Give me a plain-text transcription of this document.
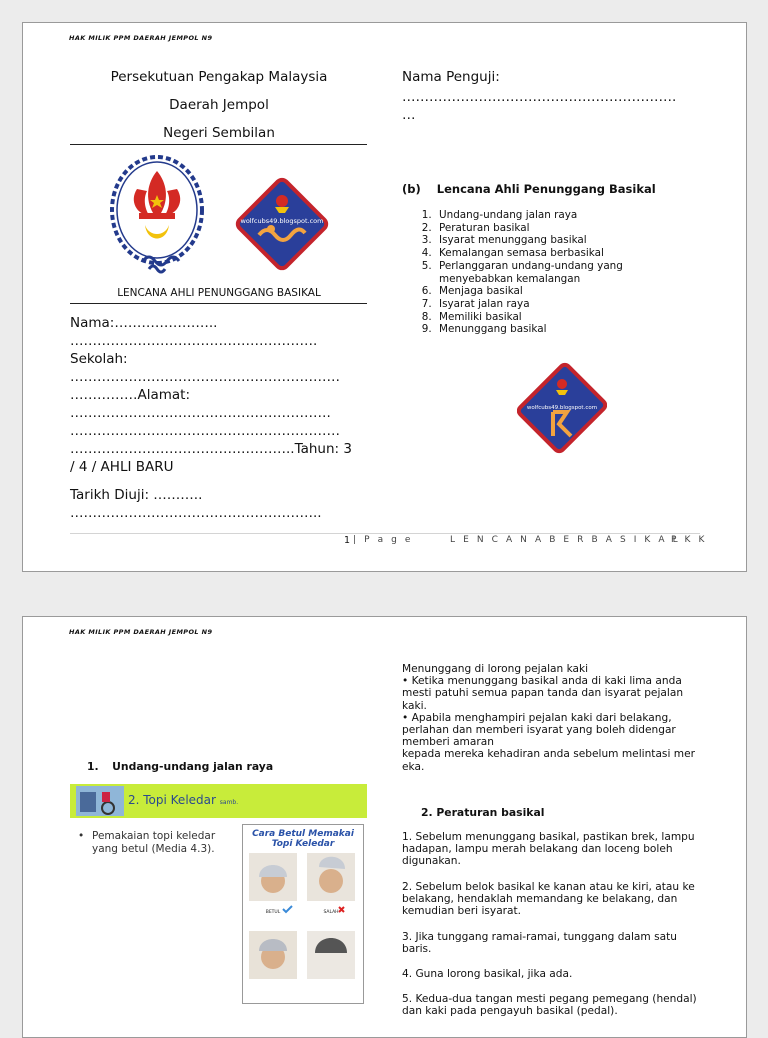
HAK MILIK PPM DAERAH JEMPOL N9
Persekutuan Pengakap Malaysia
Daerah Jempol
Negeri Sembilan
wolfcubs49.blogspot.com
LENCANA AHLI PENUNGGANG BASIKAL
Nama:…………………..
……………………………………………….
Sekolah:
……………………………………………………
……………Alamat:
………………………………………………….
……………………………………………………
…………………………………………..Tahun: 3
/ 4 / AHLI BARU
Tarikh Diuji: ………..
………………………………………………..
Nama Penguji:
…………………………………………………….
…
(b) Lencana Ahli Penunggang Basikal
1. Undang-undang jalan raya
2. Peraturan basikal
3. Isyarat menunggang basikal
4. Kemalangan semasa berbasikal
5. Perlanggaran undang-undang yang menyebabkan kemalangan
6. Menjaga basikal
7. Isyarat jalan raya
8. Memiliki basikal
9. Menunggang basikal
wolfcubs49.blogspot.com
1 | P a g e	L E N C A N A B E R B A S I K A L
P K K
HAK MILIK PPM DAERAH JEMPOL N9
1. Undang-undang jalan raya
2. Topi Keledar samb.
• Pemakaian topi keledar yang betul (Media 4.3).
Cara Betul Memakai Topi Keledar
BETUL	SALAH
Menunggang di lorong pejalan kaki
• Ketika menunggang basikal anda di kaki lima anda mesti patuhi semua papan tanda dan isyarat pejalan kaki.
• Apabila menghampiri pejalan kaki dari belakang, perlahan dan memberi isyarat yang boleh didengar memberi amaran
kepada mereka kehadiran anda sebelum melintasi mer eka.
2. Peraturan basikal
1. Sebelum menunggang basikal, pastikan brek, lampu hadapan, lampu merah belakang dan loceng boleh digunakan.
2. Sebelum belok basikal ke kanan atau ke kiri, atau ke belakang, hendaklah memandang ke belakang, dan kemudian beri isyarat.
3. Jika tunggang ramai-ramai, tunggang dalam satu baris.
4. Guna lorong basikal, jika ada.
5. Kedua-dua tangan mesti pegang pemegang (hendal) dan kaki pada pengayuh basikal (pedal).
